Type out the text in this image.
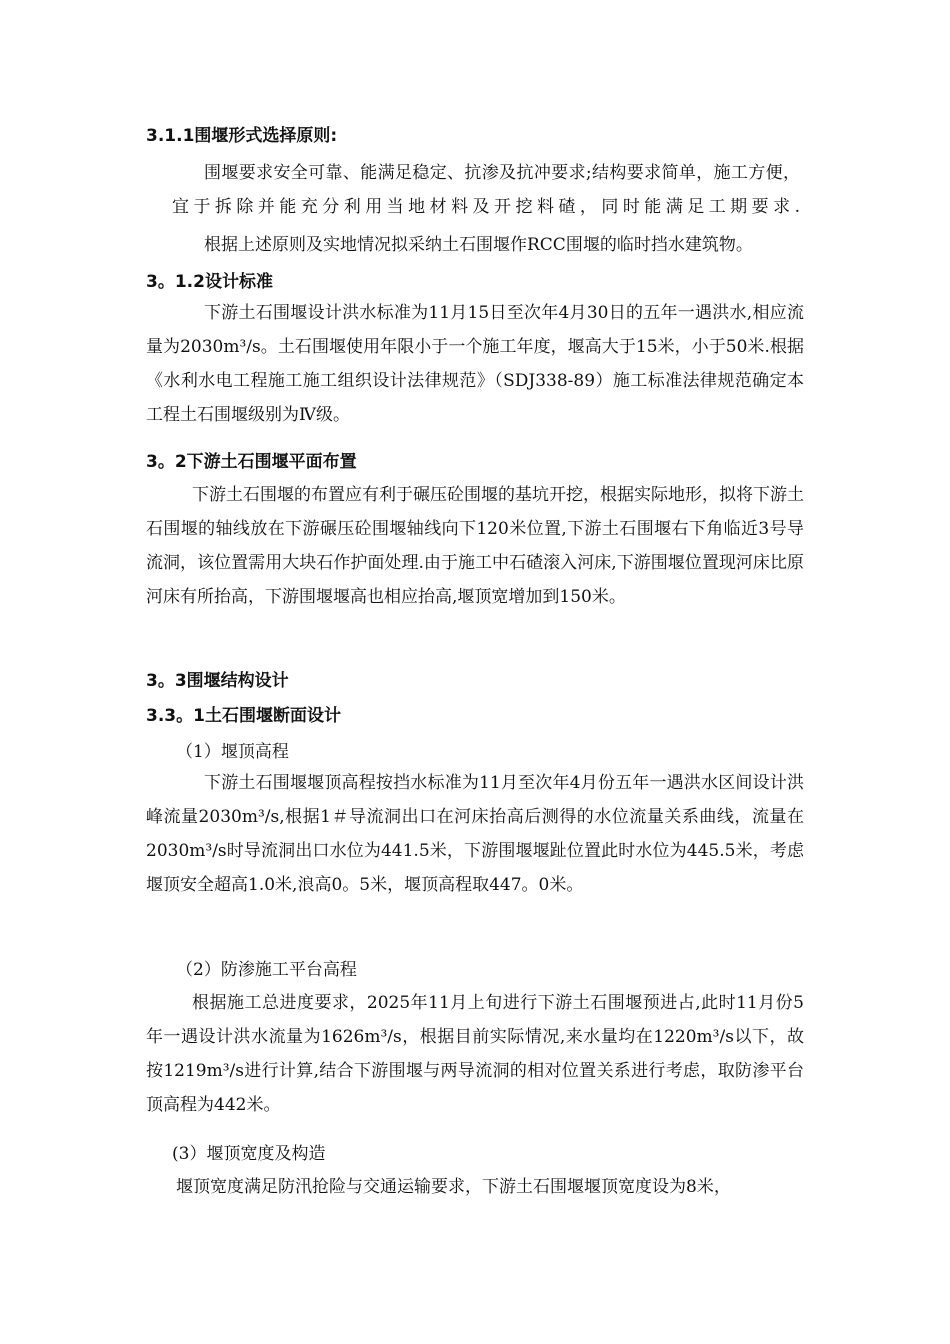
3.1.1围堰形式选择原则:
围堰要求安全可靠、能满足稳定、抗渗及抗冲要求;结构要求简单，施工方便，宜于拆除并能充分利用当地材料及开挖料碴，同时能满足工期要求.
根据上述原则及实地情况拟采纳土石围堰作RCC围堰的临时挡水建筑物。
3。1.2设计标准
下游土石围堰设计洪水标准为11月15日至次年4月30日的五年一遇洪水,相应流量为2030m³/s。土石围堰使用年限小于一个施工年度，堰高大于15米，小于50米.根据《水利水电工程施工施工组织设计法律规范》（SDJ338-89）施工标准法律规范确定本工程土石围堰级别为Ⅳ级。
3。2下游土石围堰平面布置
下游土石围堰的布置应有利于碾压砼围堰的基坑开挖，根据实际地形，拟将下游土石围堰的轴线放在下游碾压砼围堰轴线向下120米位置,下游土石围堰右下角临近3号导流洞，该位置需用大块石作护面处理.由于施工中石碴滚入河床,下游围堰位置现河床比原河床有所抬高，下游围堰堰高也相应抬高,堰顶宽增加到150米。
3。3围堰结构设计
3.3。1土石围堰断面设计
（1）堰顶高程
下游土石围堰堰顶高程按挡水标准为11月至次年4月份五年一遇洪水区间设计洪峰流量2030m³/s,根据1＃导流洞出口在河床抬高后测得的水位流量关系曲线，流量在2030m³/s时导流洞出口水位为441.5米，下游围堰堰趾位置此时水位为445.5米，考虑堰顶安全超高1.0米,浪高0。5米，堰顶高程取447。0米。
（2）防渗施工平台高程
根据施工总进度要求，2025年11月上旬进行下游土石围堰预进占,此时11月份5年一遇设计洪水流量为1626m³/s，根据目前实际情况,来水量均在1220m³/s以下，故按1219m³/s进行计算,结合下游围堰与两导流洞的相对位置关系进行考虑，取防渗平台顶高程为442米。
(3）堰顶宽度及构造
堰顶宽度满足防汛抢险与交通运输要求，下游土石围堰堰顶宽度设为8米，
